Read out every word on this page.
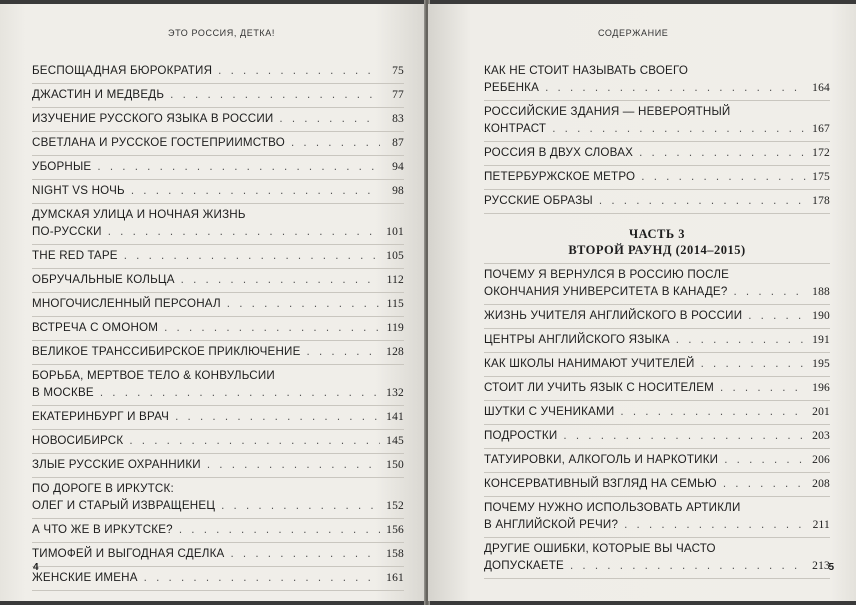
ЭТО РОССИЯ, ДЕТКА!
БЕСПОЩАДНАЯ БЮРОКРАТИЯ . . .	75
ДЖАСТИН И МЕДВЕДЬ . . .	77
ИЗУЧЕНИЕ РУССКОГО ЯЗЫКА В РОССИИ . . .	83
СВЕТЛАНА И РУССКОЕ ГОСТЕПРИИМСТВО . . .	87
УБОРНЫЕ . . .	94
NIGHT VS НОЧЬ . . .	98
ДУМСКАЯ УЛИЦА И НОЧНАЯ ЖИЗНЬ
ПО-РУССКИ . . .	101
THE RED TAPE . . .	105
ОБРУЧАЛЬНЫЕ КОЛЬЦА . . .	112
МНОГОЧИСЛЕННЫЙ ПЕРСОНАЛ . . .	115
ВСТРЕЧА С ОМОНОМ . . .	119
ВЕЛИКОЕ ТРАНССИБИРСКОЕ ПРИКЛЮЧЕНИЕ . . .	128
БОРЬБА, МЕРТВОЕ ТЕЛО & КОНВУЛЬСИИ
В МОСКВЕ . . .	132
ЕКАТЕРИНБУРГ И ВРАЧ . . .	141
НОВОСИБИРСК . . .	145
ЗЛЫЕ РУССКИЕ ОХРАННИКИ . . .	150
ПО ДОРОГЕ В ИРКУТСК:
ОЛЕГ И СТАРЫЙ ИЗВРАЩЕНЕЦ . . .	152
А ЧТО ЖЕ В ИРКУТСКЕ? . . .	156
ТИМОФЕЙ И ВЫГОДНАЯ СДЕЛКА . . .	158
ЖЕНСКИЕ ИМЕНА . . .	161
4
СОДЕРЖАНИЕ
КАК НЕ СТОИТ НАЗЫВАТЬ СВОЕГО
РЕБЕНКА . . .	164
РОССИЙСКИЕ ЗДАНИЯ — НЕВЕРОЯТНЫЙ
КОНТРАСТ . . .	167
РОССИЯ В ДВУХ СЛОВАХ . . .	172
ПЕТЕРБУРЖСКОЕ МЕТРО . . .	175
РУССКИЕ ОБРАЗЫ . . .	178
ЧАСТЬ 3
ВТОРОЙ РАУНД (2014–2015)
ПОЧЕМУ Я ВЕРНУЛСЯ В РОССИЮ ПОСЛЕ
ОКОНЧАНИЯ УНИВЕРСИТЕТА В КАНАДЕ? . . .	188
ЖИЗНЬ УЧИТЕЛЯ АНГЛИЙСКОГО В РОССИИ . . .	190
ЦЕНТРЫ АНГЛИЙСКОГО ЯЗЫКА . . .	191
КАК ШКОЛЫ НАНИМАЮТ УЧИТЕЛЕЙ . . .	195
СТОИТ ЛИ УЧИТЬ ЯЗЫК С НОСИТЕЛЕМ . . .	196
ШУТКИ С УЧЕНИКАМИ . . .	201
ПОДРОСТКИ . . .	203
ТАТУИРОВКИ, АЛКОГОЛЬ И НАРКОТИКИ . . .	206
КОНСЕРВАТИВНЫЙ ВЗГЛЯД НА СЕМЬЮ . . .	208
ПОЧЕМУ НУЖНО ИСПОЛЬЗОВАТЬ АРТИКЛИ
В АНГЛИЙСКОЙ РЕЧИ? . . .	211
ДРУГИЕ ОШИБКИ, КОТОРЫЕ ВЫ ЧАСТО
ДОПУСКАЕТЕ . . .	213
5
